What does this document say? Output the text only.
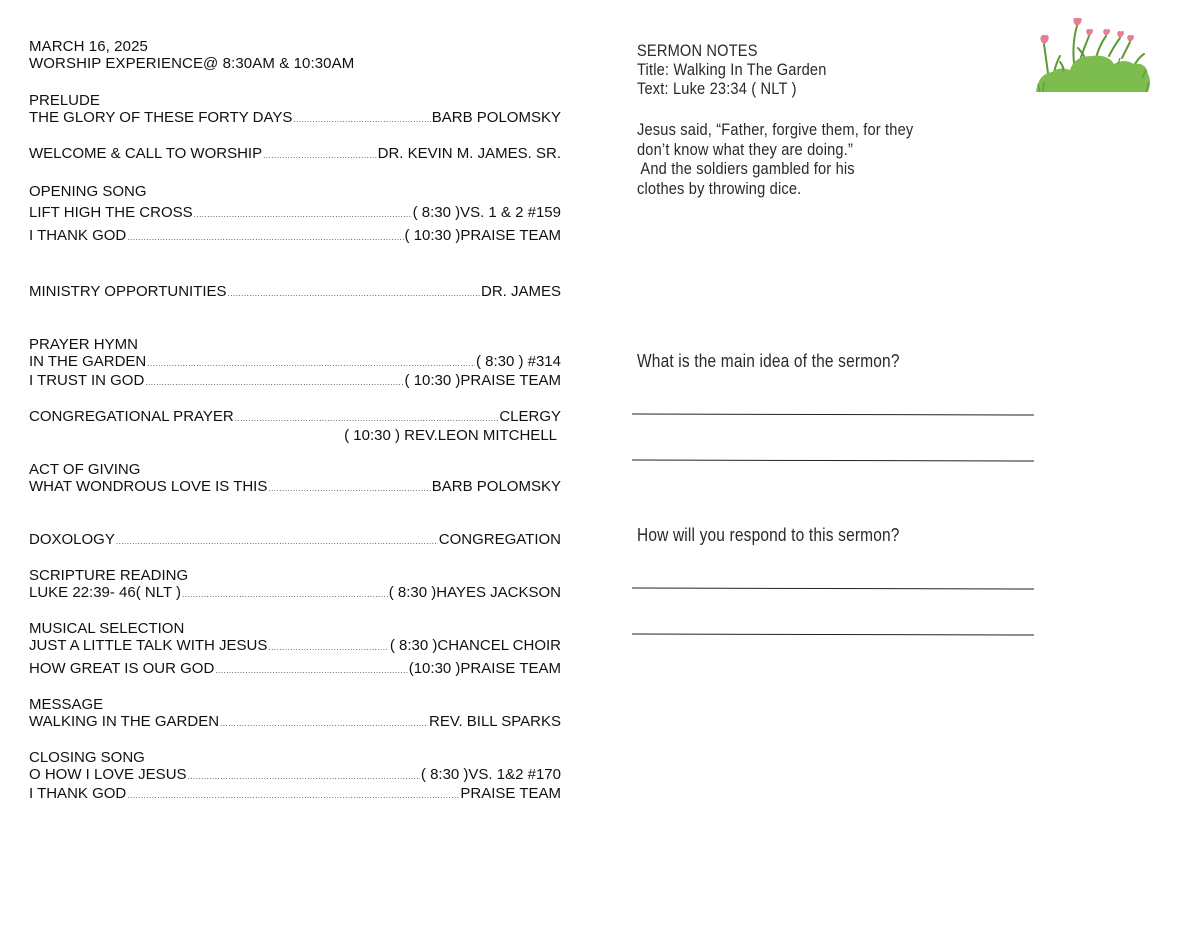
MARCH 16, 2025
WORSHIP EXPERIENCE@ 8:30AM & 10:30AM
PRELUDE
THE GLORY OF THESE FORTY DAYS .....	BARB POLOMSKY
WELCOME & CALL TO WORSHIP .....	DR. KEVIN M. JAMES. SR.
OPENING SONG
LIFT HIGH THE CROSS .....	( 8:30 )VS. 1 & 2 #159
I THANK GOD .....	( 10:30 )PRAISE TEAM
MINISTRY OPPORTUNITIES .....	DR. JAMES
PRAYER HYMN
IN THE GARDEN .....	( 8:30 ) #314
I TRUST IN GOD .....	( 10:30 )PRAISE TEAM
CONGREGATIONAL PRAYER .....	CLERGY
( 10:30 ) REV.LEON MITCHELL
ACT OF GIVING
WHAT WONDROUS LOVE IS THIS .....	BARB POLOMSKY
DOXOLOGY .....	CONGREGATION
SCRIPTURE READING
LUKE 22:39- 46( NLT ) .....	( 8:30 )HAYES JACKSON
MUSICAL SELECTION
JUST A LITTLE TALK WITH JESUS .....	( 8:30 )CHANCEL CHOIR
HOW GREAT IS OUR GOD .....	(10:30 )PRAISE TEAM
MESSAGE
WALKING IN THE GARDEN .....	REV. BILL SPARKS
CLOSING SONG
O HOW I LOVE JESUS .....	( 8:30 )VS. 1&2 #170
I THANK GOD .....	PRAISE TEAM
SERMON NOTES
Title: Walking In The Garden
Text: Luke 23:34 ( NLT )
Jesus said, “Father, forgive them, for they
don’t know what they are doing.”
And the soldiers gambled for his
clothes by throwing dice.
What is the main idea of the sermon?
How will you respond to this sermon?
